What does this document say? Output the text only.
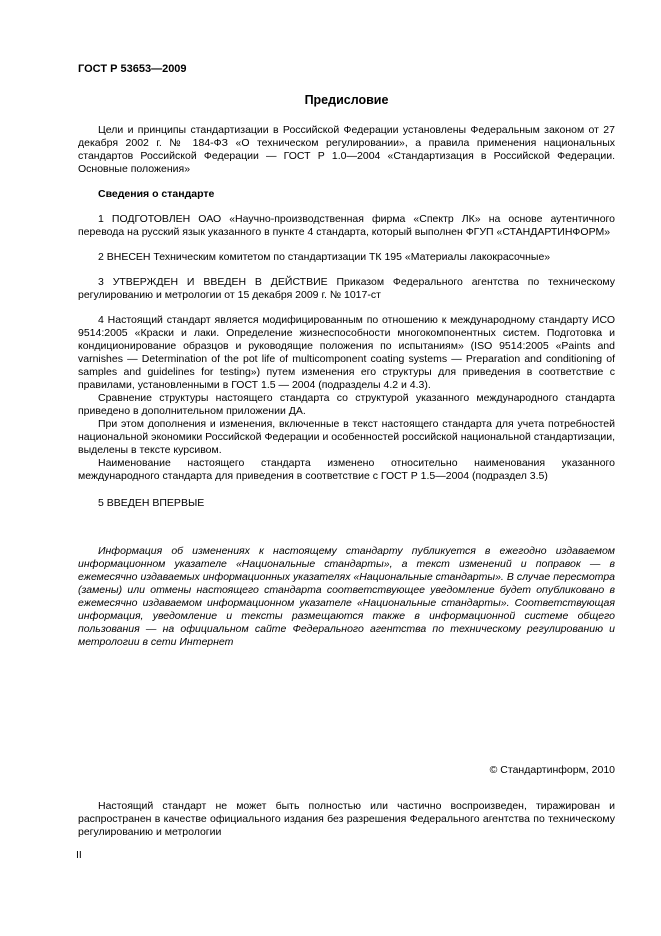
ГОСТ Р 53653—2009
Предисловие

Цели и принципы стандартизации в Российской Федерации установлены Федеральным законом от 27 декабря 2002 г. № 184-ФЗ «О техническом регулировании», а правила применения национальных стандартов Российской Федерации — ГОСТ Р 1.0—2004 «Стандартизация в Российской Федерации. Основные положения»

Сведения о стандарте

1 ПОДГОТОВЛЕН ОАО «Научно-производственная фирма «Спектр ЛК» на основе аутентичного перевода на русский язык указанного в пункте 4 стандарта, который выполнен ФГУП «СТАНДАРТИНФОРМ»

2 ВНЕСЕН Техническим комитетом по стандартизации ТК 195 «Материалы лакокрасочные»

3 УТВЕРЖДЕН И ВВЕДЕН В ДЕЙСТВИЕ Приказом Федерального агентства по техническому регулированию и метрологии от 15 декабря 2009 г. № 1017-ст

4 Настоящий стандарт является модифицированным по отношению к международному стандарту ИСО 9514:2005 «Краски и лаки. Определение жизнеспособности многокомпонентных систем. Подготовка и кондиционирование образцов и руководящие положения по испытаниям» (ISO 9514:2005 «Paints and varnishes — Determination of the pot life of multicomponent coating systems — Preparation and conditioning of samples and guidelines for testing») путем изменения его структуры для приведения в соответствие с правилами, установленными в ГОСТ 1.5 — 2004 (подразделы 4.2 и 4.3).

Сравнение структуры настоящего стандарта со структурой указанного международного стандарта приведено в дополнительном приложении ДА.

При этом дополнения и изменения, включенные в текст настоящего стандарта для учета потребностей национальной экономики Российской Федерации и особенностей российской национальной стандартизации, выделены в тексте курсивом.

Наименование настоящего стандарта изменено относительно наименования указанного международного стандарта для приведения в соответствие с ГОСТ Р 1.5—2004 (подраздел 3.5)

5 ВВЕДЕН ВПЕРВЫЕ

Информация об изменениях к настоящему стандарту публикуется в ежегодно издаваемом информационном указателе «Национальные стандарты», а текст изменений и поправок — в ежемесячно издаваемых информационных указателях «Национальные стандарты». В случае пересмотра (замены) или отмены настоящего стандарта соответствующее уведомление будет опубликовано в ежемесячно издаваемом информационном указателе «Национальные стандарты». Соответствующая информация, уведомление и тексты размещаются также в информационной системе общего пользования — на официальном сайте Федерального агентства по техническому регулированию и метрологии в сети Интернет

© Стандартинформ, 2010

Настоящий стандарт не может быть полностью или частично воспроизведен, тиражирован и распространен в качестве официального издания без разрешения Федерального агентства по техническому регулированию и метрологии

II
